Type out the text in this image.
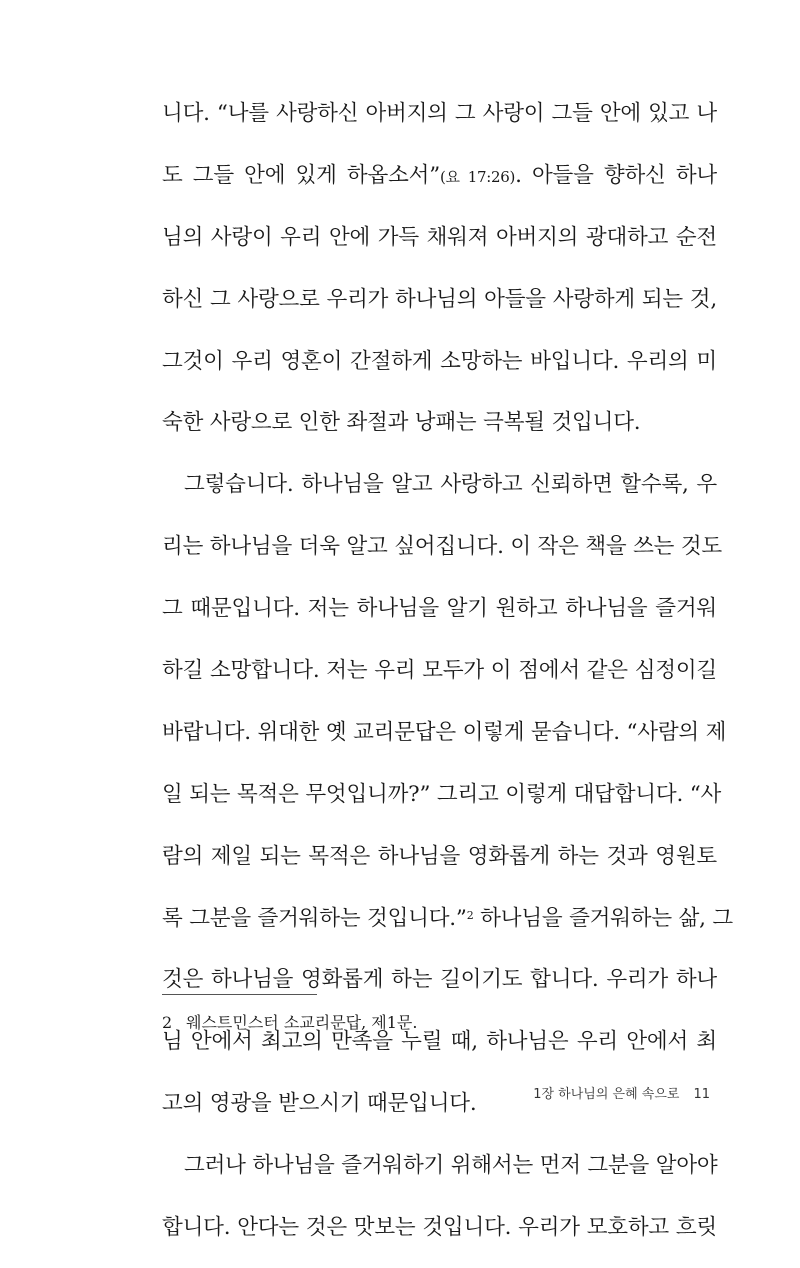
니다. “나를 사랑하신 아버지의 그 사랑이 그들 안에 있고 나
도 그들 안에 있게 하옵소서”(요 17:26). 아들을 향하신 하나
님의 사랑이 우리 안에 가득 채워져 아버지의 광대하고 순전
하신 그 사랑으로 우리가 하나님의 아들을 사랑하게 되는 것,
그것이 우리 영혼이 간절하게 소망하는 바입니다. 우리의 미
숙한 사랑으로 인한 좌절과 낭패는 극복될 것입니다.
그렇습니다. 하나님을 알고 사랑하고 신뢰하면 할수록, 우
리는 하나님을 더욱 알고 싶어집니다. 이 작은 책을 쓰는 것도
그 때문입니다. 저는 하나님을 알기 원하고 하나님을 즐거워
하길 소망합니다. 저는 우리 모두가 이 점에서 같은 심정이길
바랍니다. 위대한 옛 교리문답은 이렇게 묻습니다. “사람의 제
일 되는 목적은 무엇입니까?” 그리고 이렇게 대답합니다. “사
람의 제일 되는 목적은 하나님을 영화롭게 하는 것과 영원토
록 그분을 즐거워하는 것입니다.”$^2$ 하나님을 즐거워하는 삶, 그
것은 하나님을 영화롭게 하는 길이기도 합니다. 우리가 하나
님 안에서 최고의 만족을 누릴 때, 하나님은 우리 안에서 최
고의 영광을 받으시기 때문입니다.
그러나 하나님을 즐거워하기 위해서는 먼저 그분을 알아야
합니다. 안다는 것은 맛보는 것입니다. 우리가 모호하고 흐릿
2 웨스트민스터 소교리문답, 제1문.
1장 하나님의 은혜 속으로 11
